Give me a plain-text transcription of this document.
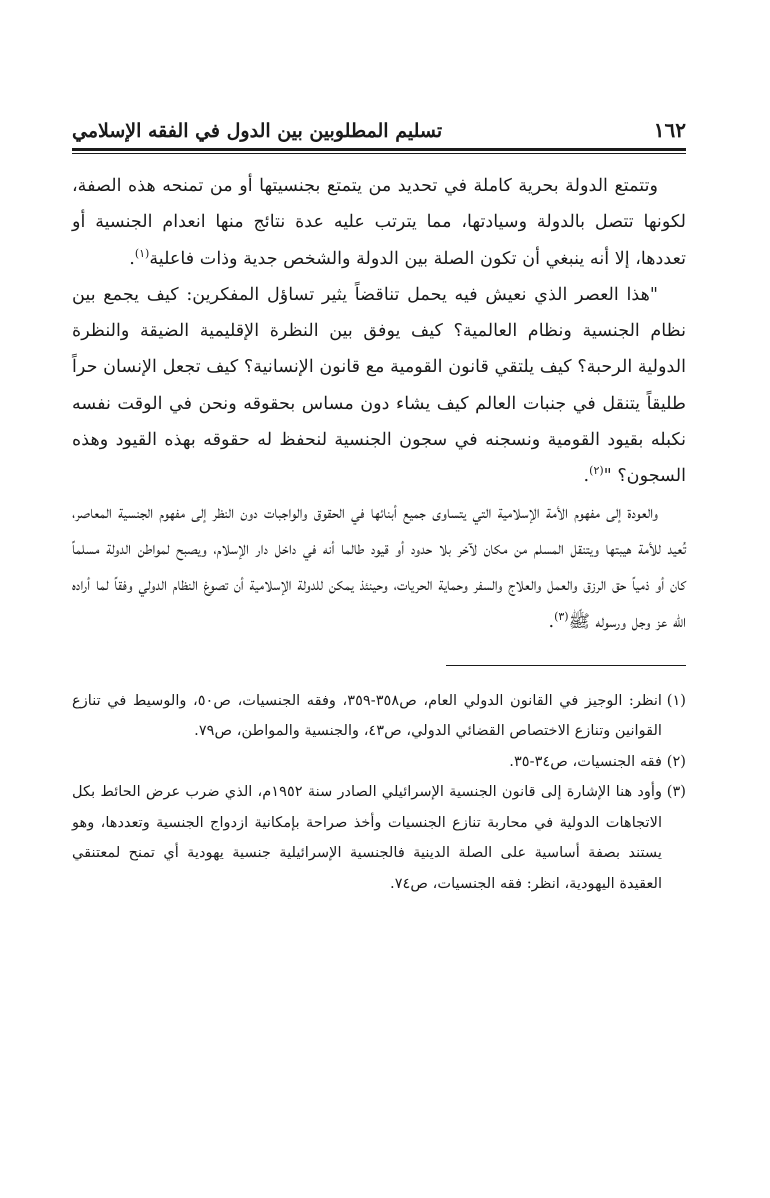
١٦٢
تسليم المطلوبين بين الدول في الفقه الإسلامي

وتتمتع الدولة بحرية كاملة في تحديد من يتمتع بجنسيتها أو من تمنحه هذه الصفة، لكونها تتصل بالدولة وسيادتها، مما يترتب عليه عدة نتائج منها انعدام الجنسية أو تعددها، إلا أنه ينبغي أن تكون الصلة بين الدولة والشخص جدية وذات فاعلية$^{(١)}$.

"هذا العصر الذي نعيش فيه يحمل تناقضاً يثير تساؤل المفكرين: كيف يجمع بين نظام الجنسية ونظام العالمية؟ كيف يوفق بين النظرة الإقليمية الضيقة والنظرة الدولية الرحبة؟ كيف يلتقي قانون القومية مع قانون الإنسانية؟ كيف تجعل الإنسان حراً طليقاً يتنقل في جنبات العالم كيف يشاء دون مساس بحقوقه ونحن في الوقت نفسه نكبله بقيود القومية ونسجنه في سجون الجنسية لنحفظ له حقوقه بهذه القيود وهذه السجون؟ "$^{(٢)}$.

والعودة إلى مفهوم الأمة الإسلامية التي يتساوى جميع أبنائها في الحقوق والواجبات دون النظر إلى مفهوم الجنسية المعاصر، تُعيد للأمة هيبتها ويتنقل المسلم من مكان لآخر بلا حدود أو قيود طالما أنه في داخل دار الإسلام، ويصبح لمواطن الدولة مسلماً كان أو ذمياً حق الرزق والعمل والعلاج والسفر وحماية الحريات، وحينئذ يمكن للدولة الإسلامية أن تصوغ النظام الدولي وفقاً لما أراده الله عز وجل ورسوله ﷺ$^{(٣)}$.

(١)انظر: الوجيز في القانون الدولي العام، ص٣٥٨-٣٥٩، وفقه الجنسيات، ص٥٠، والوسيط في تنازع القوانين وتنازع الاختصاص القضائي الدولي، ص٤٣، والجنسية والمواطن، ص٧٩.

(٢)فقه الجنسيات، ص٣٤-٣٥.

(٣)وأود هنا الإشارة إلى قانون الجنسية الإسرائيلي الصادر سنة ١٩٥٢م، الذي ضرب عرض الحائط بكل الاتجاهات الدولية في محاربة تنازع الجنسيات وأخذ صراحة بإمكانية ازدواج الجنسية وتعددها، وهو يستند بصفة أساسية على الصلة الدينية فالجنسية الإسرائيلية جنسية يهودية أي تمنح لمعتنقي العقيدة اليهودية، انظر: فقه الجنسيات، ص٧٤.
